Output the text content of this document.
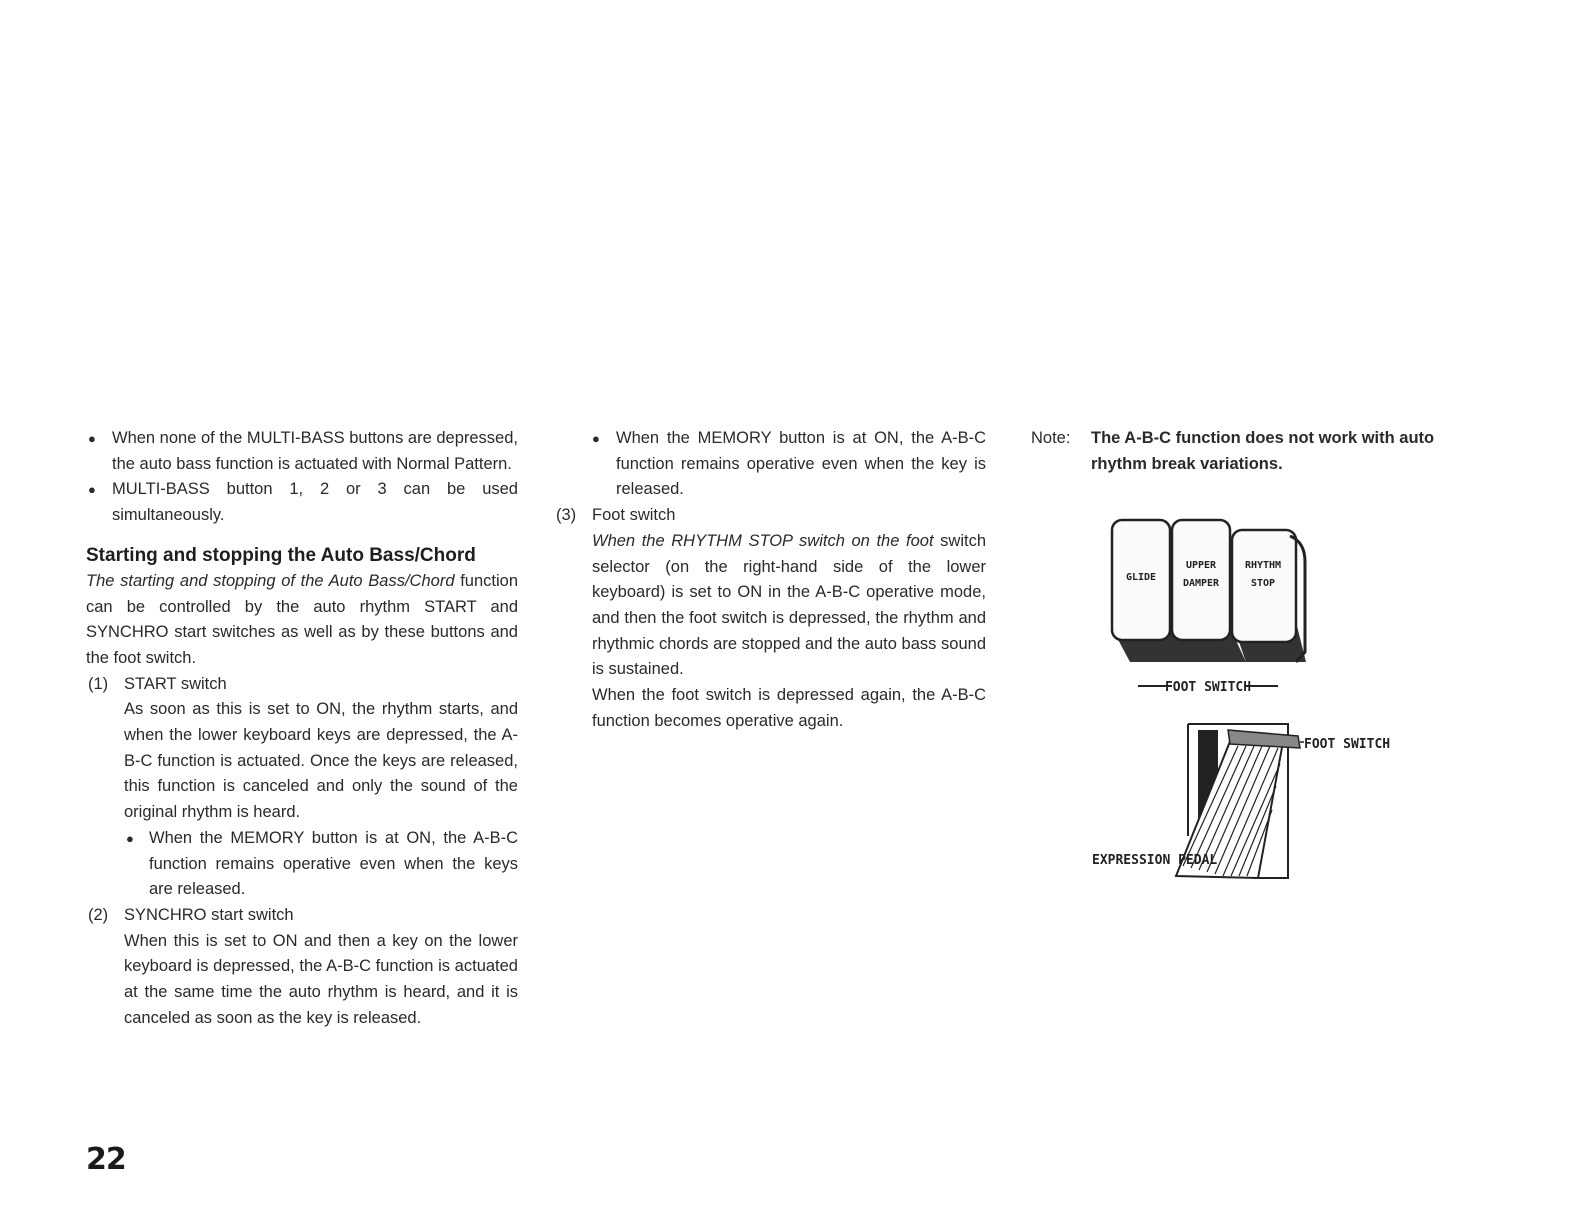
● When none of the MULTI-BASS buttons are depressed, the auto bass function is actuated with Normal Pattern.

● MULTI-BASS button 1, 2 or 3 can be used simultaneously.

Starting and stopping the Auto Bass/Chord

The starting and stopping of the Auto Bass/Chord function can be controlled by the auto rhythm START and SYNCHRO start switches as well as by these buttons and the foot switch.

(1) START switch

As soon as this is set to ON, the rhythm starts, and when the lower keyboard keys are depressed, the A-B-C function is actuated. Once the keys are released, this function is canceled and only the sound of the original rhythm is heard.

● When the MEMORY button is at ON, the A-B-C function remains operative even when the keys are released.

(2) SYNCHRO start switch

When this is set to ON and then a key on the lower keyboard is depressed, the A-B-C function is actuated at the same time the auto rhythm is heard, and it is canceled as soon as the key is released.

● When the MEMORY button is at ON, the A-B-C function remains operative even when the key is released.

(3) Foot switch

When the RHYTHM STOP switch on the foot switch selector (on the right-hand side of the lower keyboard) is set to ON in the A-B-C operative mode, and then the foot switch is depressed, the rhythm and rhythmic chords are stopped and the auto bass sound is sustained.

When the foot switch is depressed again, the A-B-C function becomes operative again.

Note: The A-B-C function does not work with auto rhythm break variations.

GLIDE
UPPER
DAMPER
RHYTHM
STOP
FOOT SWITCH
FOOT SWITCH
EXPRESSION PEDAL
22
